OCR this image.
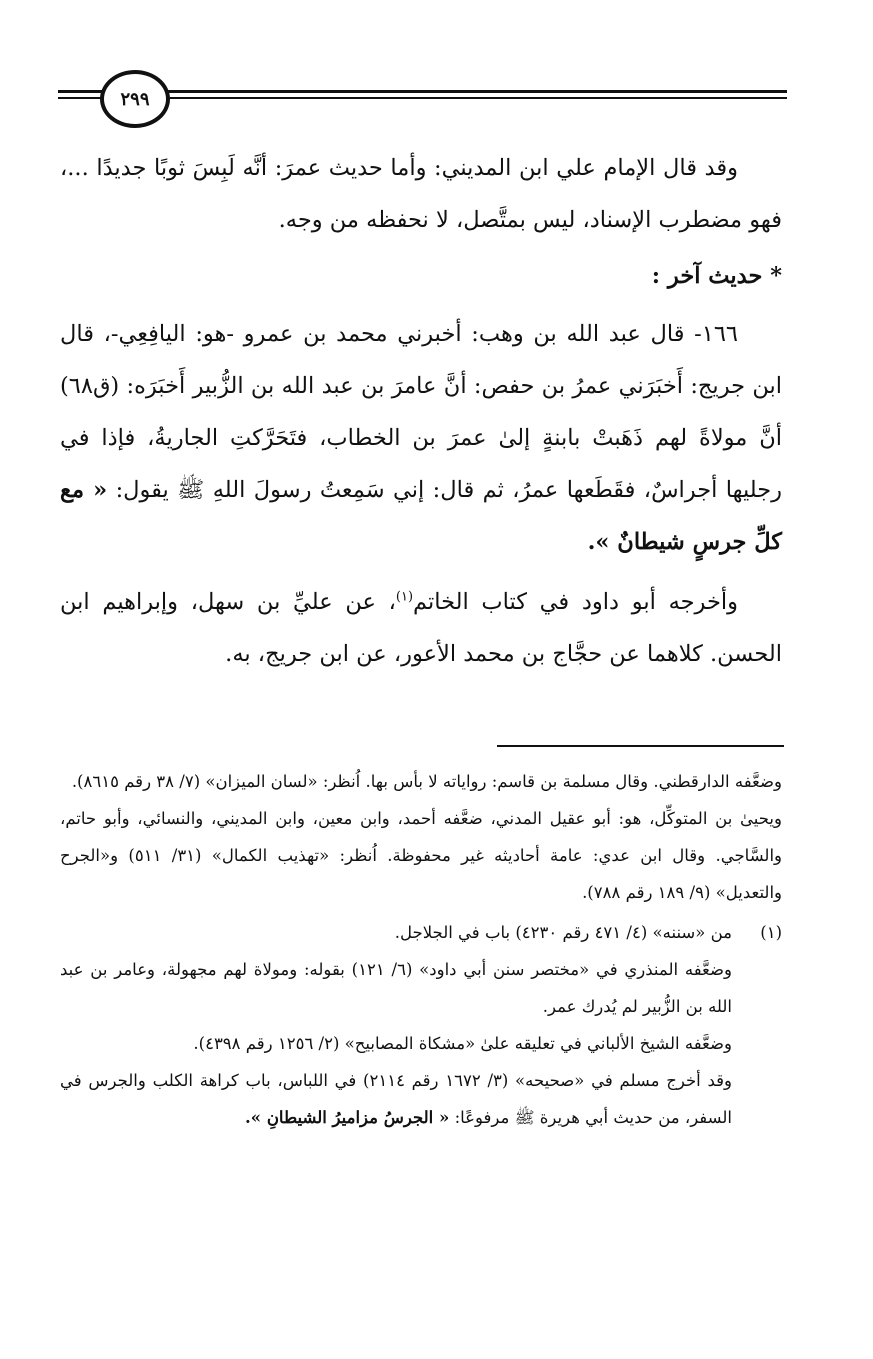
٢٩٩

وقد قال الإمام علي ابن المديني: وأما حديث عمرَ: أنَّه لَبِسَ ثوبًا جديدًا ...، فهو مضطرب الإسناد، ليس بمتَّصل، لا نحفظه من وجه.

* حديث آخر :

١٦٦- قال عبد الله بن وهب: أخبرني محمد بن عمرو -هو: اليافِعِي-، قال ابن جريج: أَخبَرَني عمرُ بن حفص: أنَّ عامرَ بن عبد الله بن الزُّبير أَخبَرَه: (ق٦٨) أنَّ مولاةً لهم ذَهَبتْ بابنةٍ إلىٰ عمرَ بن الخطاب، فتَحَرَّكتِ الجاريةُ، فإذا في رجليها أجراسٌ، فقَطَعها عمرُ، ثم قال: إني سَمِعتُ رسولَ اللهِ ﷺ يقول: « مع كلِّ جرسٍ شيطانٌ ».

وأخرجه أبو داود في كتاب الخاتم$^{(١)}$، عن عليِّ بن سهل، وإبراهيم ابن الحسن. كلاهما عن حجَّاج بن محمد الأعور، عن ابن جريج، به.

وضعَّفه الدارقطني. وقال مسلمة بن قاسم: رواياته لا بأس بها. اُنظر: «لسان الميزان» (٧/ ٣٨ رقم ٨٦١٥).

ويحيىٰ بن المتوكِّل، هو: أبو عقيل المدني، ضعَّفه أحمد، وابن معين، وابن المديني، والنسائي، وأبو حاتم، والسَّاجي. وقال ابن عدي: عامة أحاديثه غير محفوظة. اُنظر: «تهذيب الكمال» (٣١/ ٥١١) و«الجرح والتعديل» (٩/ ١٨٩ رقم ٧٨٨).

(١)

من «سننه» (٤/ ٤٧١ رقم ٤٢٣٠) باب في الجلاجل.

وضعَّفه المنذري في «مختصر سنن أبي داود» (٦/ ١٢١) بقوله: ومولاة لهم مجهولة، وعامر بن عبد الله بن الزُّبير لم يُدرك عمر.

وضعَّفه الشيخ الألباني في تعليقه علىٰ «مشكاة المصابيح» (٢/ ١٢٥٦ رقم ٤٣٩٨).

وقد أخرج مسلم في «صحيحه» (٣/ ١٦٧٢ رقم ٢١١٤) في اللباس، باب كراهة الكلب والجرس في السفر، من حديث أبي هريرة ﷺ مرفوعًا: « الجرسُ مزاميرُ الشيطانِ ».
